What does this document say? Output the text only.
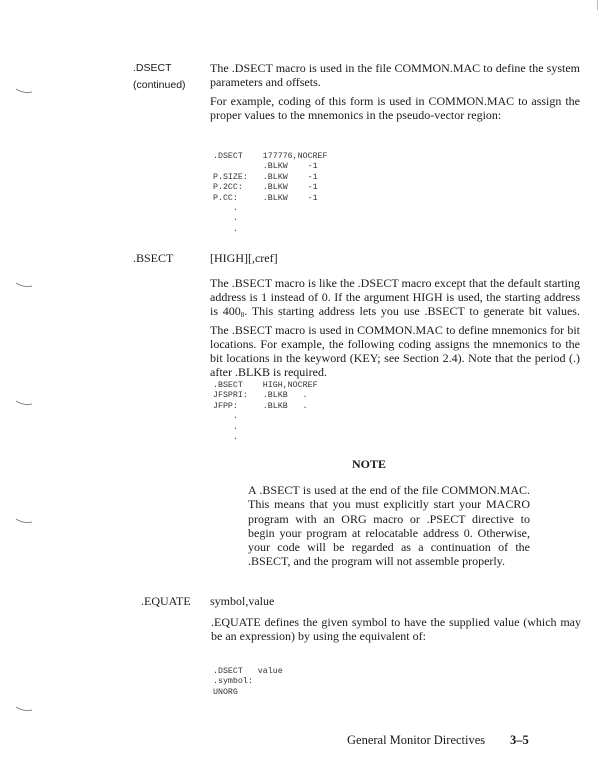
.DSECT
(continued)

The .DSECT macro is used in the file COMMON.MAC to define the system parameters and offsets.

For example, coding of this form is used in COMMON.MAC to assign the proper values to the mnemonics in the pseudo-vector region:

.DSECT    177776,NOCREF
.BLKW    -1
P.SIZE:   .BLKW    -1
P.2CC:    .BLKW    -1
P.CC:     .BLKW    -1
.
.
.
.BSECT	[HIGH][,cref]

The .BSECT macro is like the .DSECT macro except that the default starting address is 1 instead of 0. If the argument HIGH is used, the starting address is $400_8$. This starting address lets you use .BSECT to generate bit values. The .BSECT macro is used in COMMON.MAC to define mnemonics for bit locations. For example, the following coding assigns the mnemonics to the bit locations in the keyword (KEY; see Section 2.4). Note that the period (.) after .BLKB is required.

.BSECT    HIGH,NOCREF
JFSPRI:   .BLKB   .
JFPP:     .BLKB   .
.
.
.
NOTE

A .BSECT is used at the end of the file COMMON.MAC. This means that you must explicitly start your MACRO program with an ORG macro or .PSECT directive to begin your program at relocatable address 0. Otherwise, your code will be regarded as a continuation of the .BSECT, and the program will not assemble properly.

.EQUATE symbol,value

.EQUATE defines the given symbol to have the supplied value (which may be an expression) by using the equivalent of:

.DSECT   value
.symbol:
UNORG
General Monitor Directives 3–5
